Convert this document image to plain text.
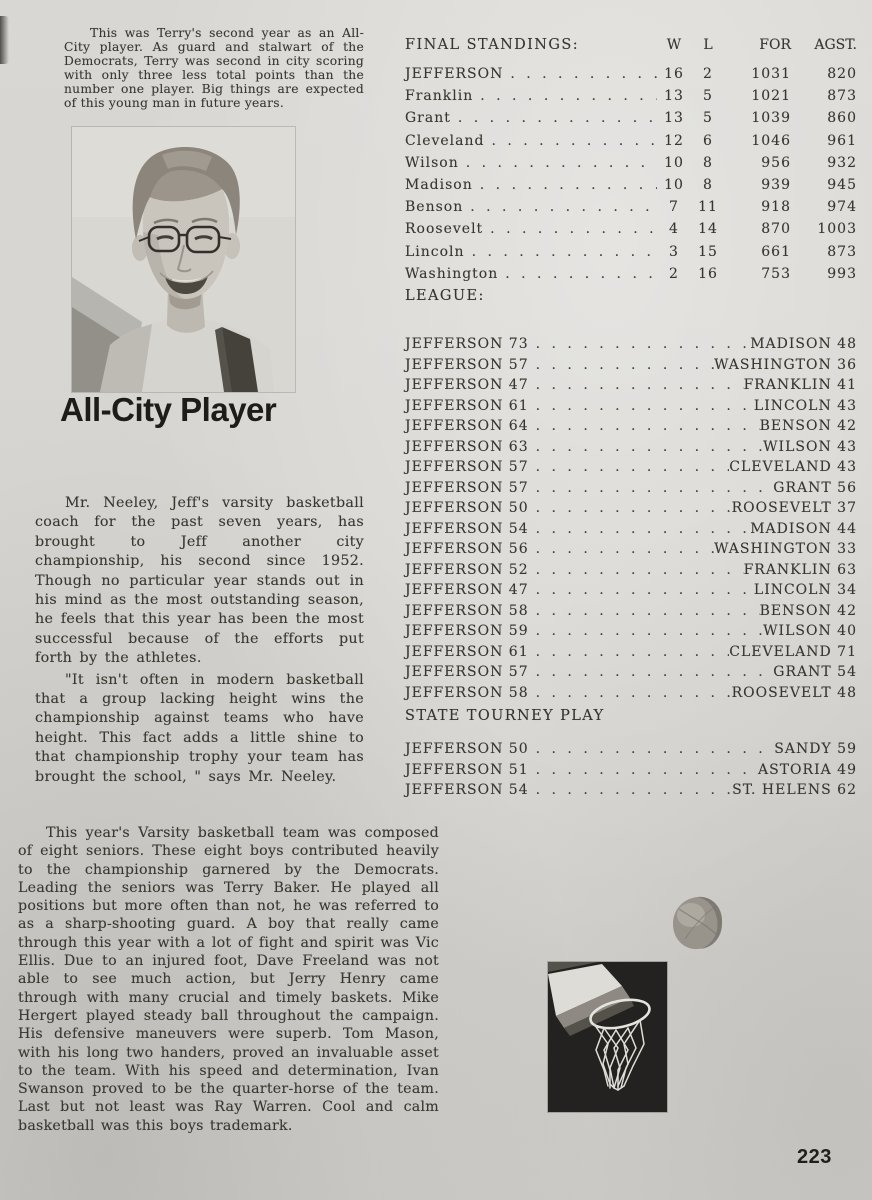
This was Terry's second year as an All-City player. As guard and stalwart of the Democrats, Terry was second in city scoring with only three less total points than the number one player. Big things are expected of this young man in future years.

All-City Player

Mr. Neeley, Jeff's varsity basketball coach for the past seven years, has brought to Jeff another city championship, his second since 1952. Though no particular year stands out in his mind as the most outstanding season, he feels that this year has been the most successful because of the efforts put forth by the athletes.

"It isn't often in modern basketball that a group lacking height wins the championship against teams who have height. This fact adds a little shine to that championship trophy your team has brought the school, " says Mr. Neeley.

This year's Varsity basketball team was composed of eight seniors. These eight boys contributed heavily to the championship garnered by the Democrats. Leading the seniors was Terry Baker. He played all positions but more often than not, he was referred to as a sharp-shooting guard. A boy that really came through this year with a lot of fight and spirit was Vic Ellis. Due to an injured foot, Dave Freeland was not able to see much action, but Jerry Henry came through with many crucial and timely baskets. Mike Hergert played steady ball throughout the campaign. His defensive maneuvers were superb. Tom Mason, with his long two handers, proved an invaluable asset to the team. With his speed and determination, Ivan Swanson proved to be the quarter-horse of the team. Last but not least was Ray Warren. Cool and calm basketball was this boys trademark.

FINAL STANDINGS:	W	L	FOR	AGST.
JEFFERSON . . .	16	2	1031	820
Franklin . . .	13	5	1021	873
Grant . . .	13	5	1039	860
Cleveland . . .	12	6	1046	961
Wilson . . .	10	8	956	932
Madison . . .	10	8	939	945
Benson . . .	7	11	918	974
Roosevelt . . .	4	14	870	1003
Lincoln . . .	3	15	661	873
Washington . . .	2	16	753	993
LEAGUE:
JEFFERSON 73 . . .	MADISON 48
JEFFERSON 57 . . .	WASHINGTON 36
JEFFERSON 47 . . .	FRANKLIN 41
JEFFERSON 61 . . .	LINCOLN 43
JEFFERSON 64 . . .	BENSON 42
JEFFERSON 63 . . .	WILSON 43
JEFFERSON 57 . . .	CLEVELAND 43
JEFFERSON 57 . . .	GRANT 56
JEFFERSON 50 . . .	ROOSEVELT 37
JEFFERSON 54 . . .	MADISON 44
JEFFERSON 56 . . .	WASHINGTON 33
JEFFERSON 52 . . .	FRANKLIN 63
JEFFERSON 47 . . .	LINCOLN 34
JEFFERSON 58 . . .	BENSON 42
JEFFERSON 59 . . .	WILSON 40
JEFFERSON 61 . . .	CLEVELAND 71
JEFFERSON 57 . . .	GRANT 54
JEFFERSON 58 . . .	ROOSEVELT 48
STATE TOURNEY PLAY
JEFFERSON 50 . . .	SANDY 59
JEFFERSON 51 . . .	ASTORIA 49
JEFFERSON 54 . . .	ST. HELENS 62
223
